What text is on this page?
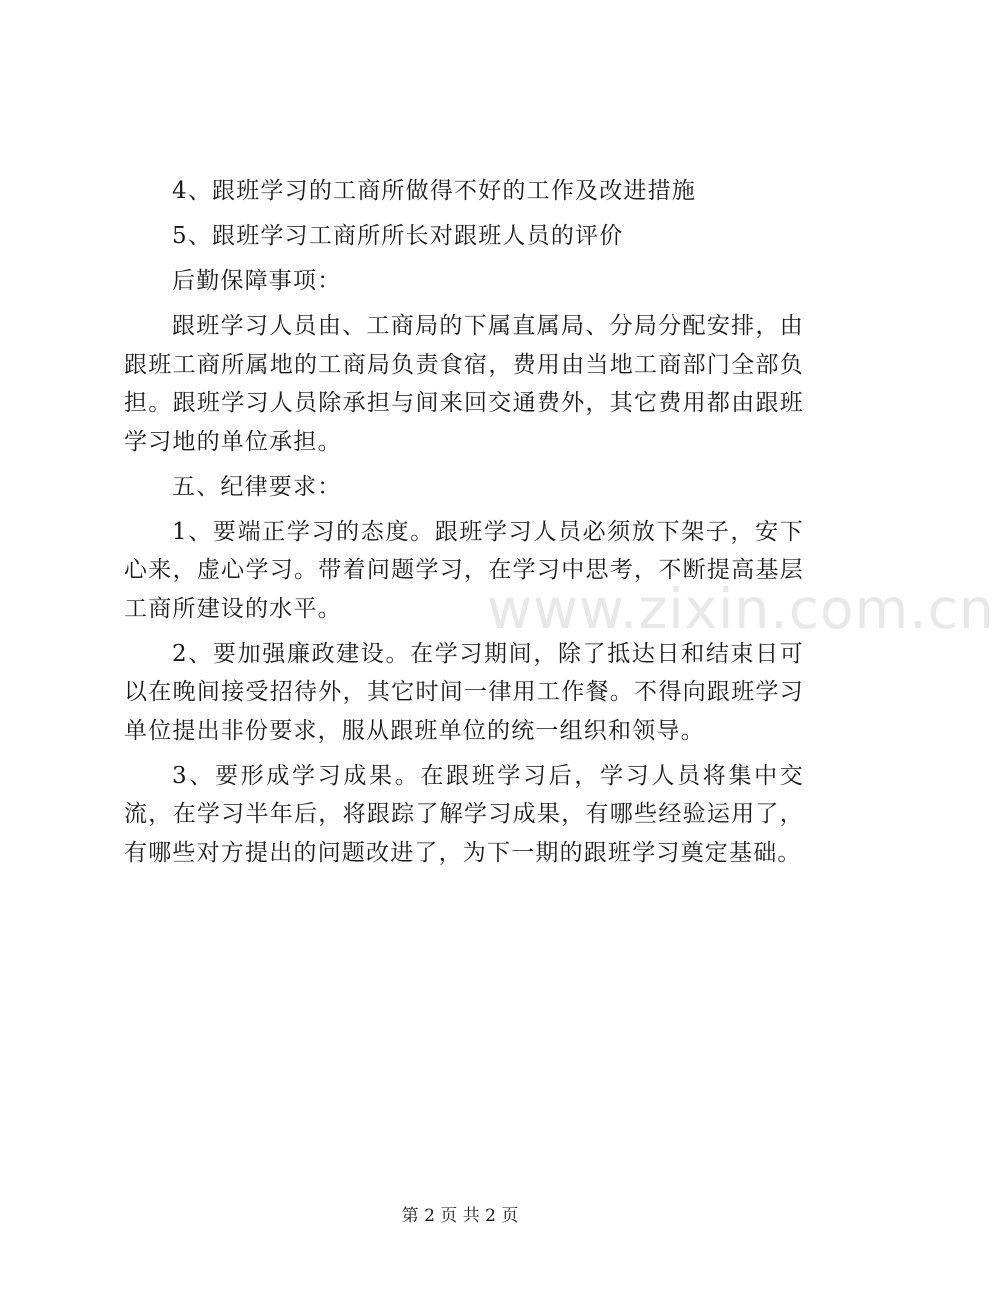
4、跟班学习的工商所做得不好的工作及改进措施

5、跟班学习工商所所长对跟班人员的评价

后勤保障事项：

跟班学习人员由、工商局的下属直属局、分局分配安排，由跟班工商所属地的工商局负责食宿，费用由当地工商部门全部负担。跟班学习人员除承担与间来回交通费外，其它费用都由跟班学习地的单位承担。

五、纪律要求：

1、要端正学习的态度。跟班学习人员必须放下架子，安下心来，虚心学习。带着问题学习，在学习中思考，不断提高基层工商所建设的水平。

2、要加强廉政建设。在学习期间，除了抵达日和结束日可以在晚间接受招待外，其它时间一律用工作餐。不得向跟班学习单位提出非份要求，服从跟班单位的统一组织和领导。

3、要形成学习成果。在跟班学习后，学习人员将集中交流，在学习半年后，将跟踪了解学习成果，有哪些经验运用了，有哪些对方提出的问题改进了，为下一期的跟班学习奠定基础。

www.zixin.com.cn
第 2 页 共 2 页
